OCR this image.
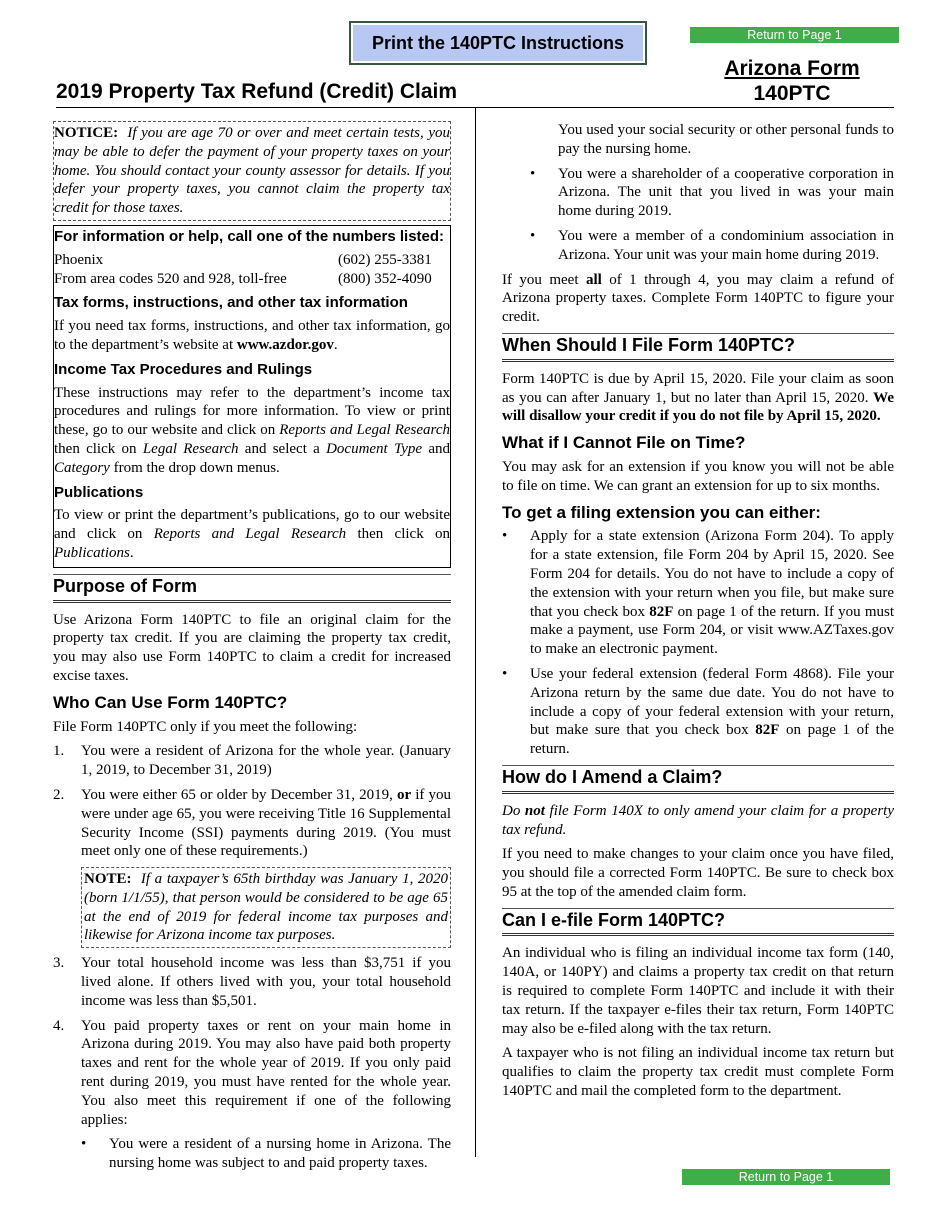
Print the 140PTC Instructions	Return to Page 1
Arizona Form
140PTC
2019 Property Tax Refund (Credit) Claim
NOTICE: If you are age 70 or over and meet certain tests, you may be able to defer the payment of your property taxes on your home. You should contact your county assessor for details. If you defer your property taxes, you cannot claim the property tax credit for those taxes.
For information or help, call one of the numbers listed:
Phoenix	(602) 255-3381
From area codes 520 and 928, toll-free	(800) 352-4090
Tax forms, instructions, and other tax information

If you need tax forms, instructions, and other tax information, go to the department’s website at www.azdor.gov.

Income Tax Procedures and Rulings

These instructions may refer to the department’s income tax procedures and rulings for more information. To view or print these, go to our website and click on Reports and Legal Research then click on Legal Research and select a Document Type and Category from the drop down menus.

Publications

To view or print the department’s publications, go to our website and click on Reports and Legal Research then click on Publications.

Purpose of Form

Use Arizona Form 140PTC to file an original claim for the property tax credit. If you are claiming the property tax credit, you may also use Form 140PTC to claim a credit for increased excise taxes.

Who Can Use Form 140PTC?

File Form 140PTC only if you meet the following:

1.	You were a resident of Arizona for the whole year. (January 1, 2019, to December 31, 2019)
2.	You were either 65 or older by December 31, 2019, or if you were under age 65, you were receiving Title 16 Supplemental Security Income (SSI) payments during 2019. (You must meet only one of these requirements.)
NOTE: If a taxpayer’s 65th birthday was January 1, 2020 (born 1/1/55), that person would be considered to be age 65 at the end of 2019 for federal income tax purposes and likewise for Arizona income tax purposes.
3.	Your total household income was less than $3,751 if you lived alone. If others lived with you, your total household income was less than $5,501.
4.	You paid property taxes or rent on your main home in Arizona during 2019. You may also have paid both property taxes and rent for the whole year of 2019. If you only paid rent during 2019, you must have rented for the whole year. You also meet this requirement if one of the following applies:
•	You were a resident of a nursing home in Arizona. The nursing home was subject to and paid property taxes.

You used your social security or other personal funds to pay the nursing home.

•	You were a shareholder of a cooperative corporation in Arizona. The unit that you lived in was your main home during 2019.
•	You were a member of a condominium association in Arizona. Your unit was your main home during 2019.

If you meet all of 1 through 4, you may claim a refund of Arizona property taxes. Complete Form 140PTC to figure your credit.

When Should I File Form 140PTC?

Form 140PTC is due by April 15, 2020. File your claim as soon as you can after January 1, but no later than April 15, 2020. We will disallow your credit if you do not file by April 15, 2020.

What if I Cannot File on Time?

You may ask for an extension if you know you will not be able to file on time. We can grant an extension for up to six months.

To get a filing extension you can either:
•	Apply for a state extension (Arizona Form 204). To apply for a state extension, file Form 204 by April 15, 2020. See Form 204 for details. You do not have to include a copy of the extension with your return when you file, but make sure that you check box 82F on page 1 of the return. If you must make a payment, use Form 204, or visit www.AZTaxes.gov to make an electronic payment.
•	Use your federal extension (federal Form 4868). File your Arizona return by the same due date. You do not have to include a copy of your federal extension with your return, but make sure that you check box 82F on page 1 of the return.
How do I Amend a Claim?

Do not file Form 140X to only amend your claim for a property tax refund.

If you need to make changes to your claim once you have filed, you should file a corrected Form 140PTC. Be sure to check box 95 at the top of the amended claim form.

Can I e-file Form 140PTC?

An individual who is filing an individual income tax form (140, 140A, or 140PY) and claims a property tax credit on that return is required to complete Form 140PTC and include it with their tax return. If the taxpayer e-files their tax return, Form 140PTC may also be e-filed along with the tax return.

A taxpayer who is not filing an individual income tax return but qualifies to claim the property tax credit must complete Form 140PTC and mail the completed form to the department.

Return to Page 1
